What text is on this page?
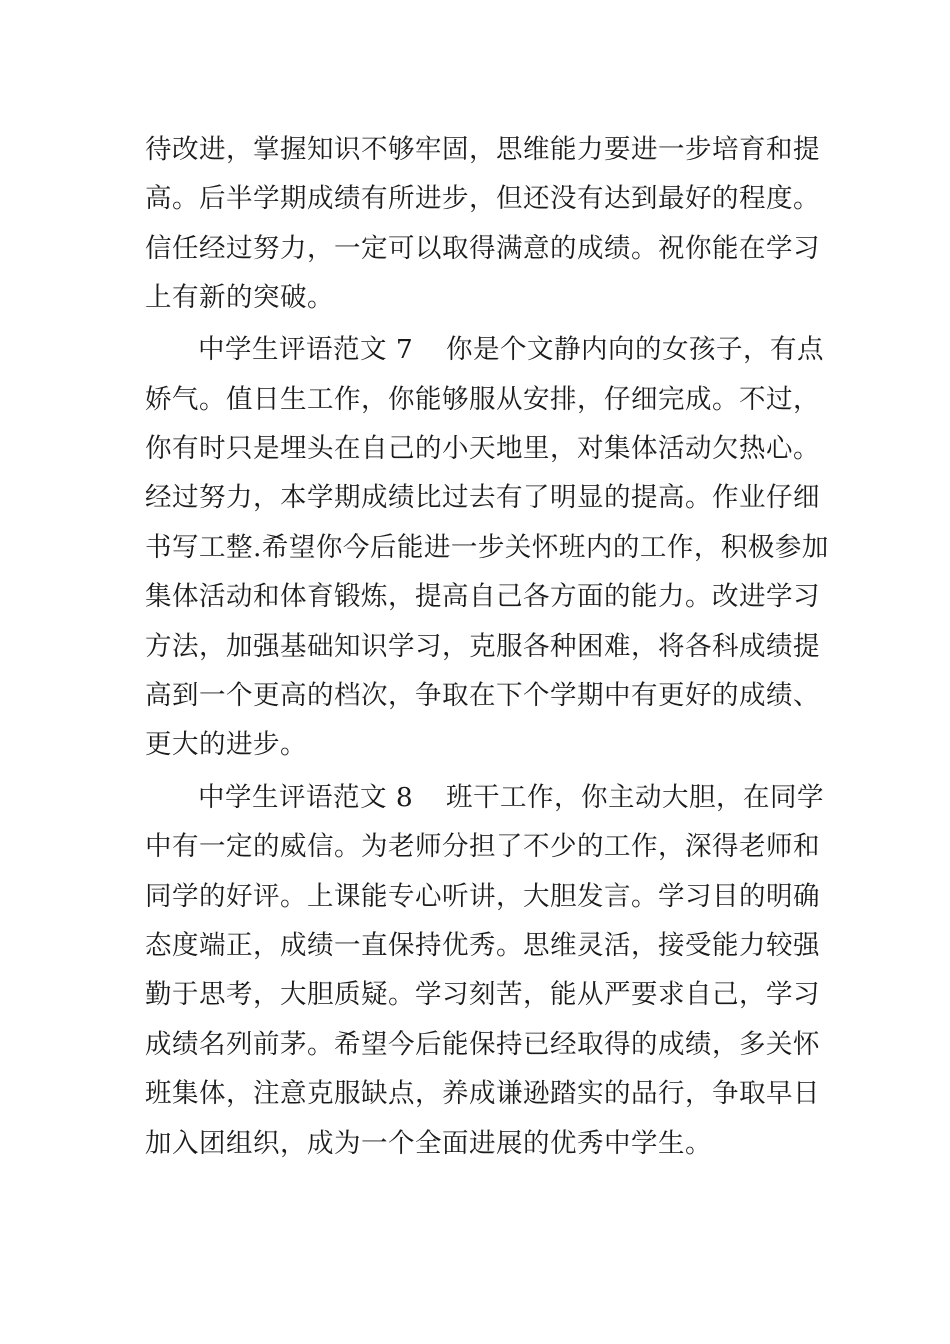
待改进，掌握知识不够牢固，思维能力要进一步培育和提
高。后半学期成绩有所进步，但还没有达到最好的程度。
信任经过努力，一定可以取得满意的成绩。祝你能在学习
上有新的突破。
中学生评语范文 7 你是个文静内向的女孩子，有点
娇气。值日生工作，你能够服从安排，仔细完成。不过，
你有时只是埋头在自己的小天地里，对集体活动欠热心。
经过努力，本学期成绩比过去有了明显的提高。作业仔细
书写工整.希望你今后能进一步关怀班内的工作，积极参加
集体活动和体育锻炼，提高自己各方面的能力。改进学习
方法，加强基础知识学习，克服各种困难，将各科成绩提
高到一个更高的档次，争取在下个学期中有更好的成绩、
更大的进步。
中学生评语范文 8 班干工作，你主动大胆，在同学
中有一定的威信。为老师分担了不少的工作，深得老师和
同学的好评。上课能专心听讲，大胆发言。学习目的明确
态度端正，成绩一直保持优秀。思维灵活，接受能力较强
勤于思考，大胆质疑。学习刻苦，能从严要求自己，学习
成绩名列前茅。希望今后能保持已经取得的成绩，多关怀
班集体，注意克服缺点，养成谦逊踏实的品行，争取早日
加入团组织，成为一个全面进展的优秀中学生。
